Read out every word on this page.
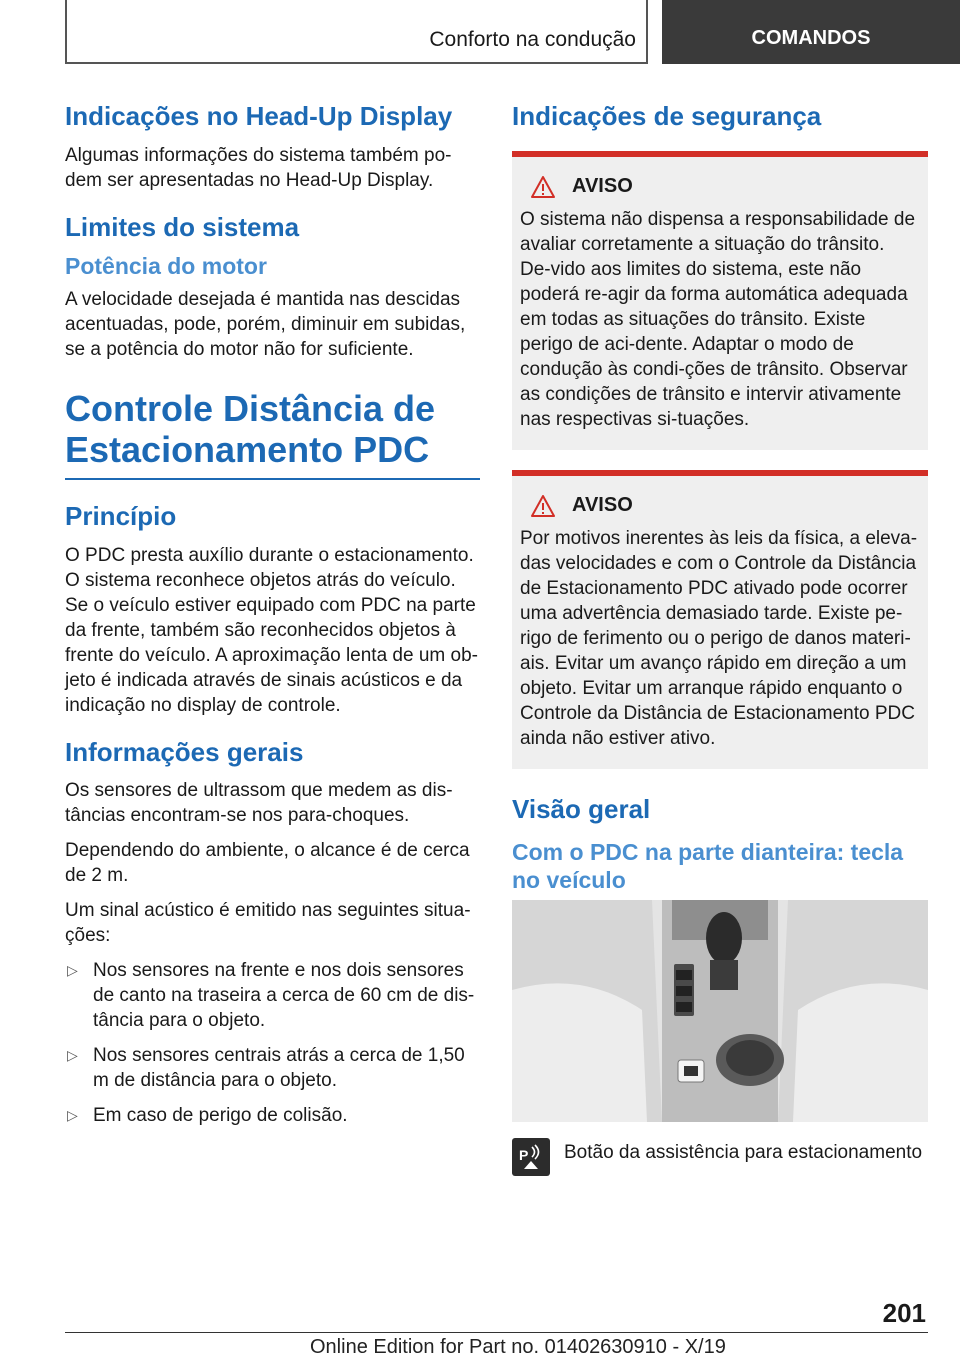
Conforto na condução	COMANDOS
Indicações no Head-Up Display

Algumas informações do sistema também po-dem ser apresentadas no Head-Up Display.

Limites do sistema
Potência do motor

A velocidade desejada é mantida nas descidas acentuadas, pode, porém, diminuir em subidas, se a potência do motor não for suficiente.

Controle Distância de Estacionamento PDC
Princípio

O PDC presta auxílio durante o estacionamento. O sistema reconhece objetos atrás do veículo. Se o veículo estiver equipado com PDC na parte da frente, também são reconhecidos objetos à frente do veículo. A aproximação lenta de um ob-jeto é indicada através de sinais acústicos e da indicação no display de controle.

Informações gerais

Os sensores de ultrassom que medem as dis-tâncias encontram-se nos para-choques.

Dependendo do ambiente, o alcance é de cerca de 2 m.

Um sinal acústico é emitido nas seguintes situa-ções:

▷ Nos sensores na frente e nos dois sensores de canto na traseira a cerca de 60 cm de dis-tância para o objeto.
▷ Nos sensores centrais atrás a cerca de 1,50 m de distância para o objeto.
▷ Em caso de perigo de colisão.
Indicações de segurança
AVISO

O sistema não dispensa a responsabilidade de avaliar corretamente a situação do trânsito. De-vido aos limites do sistema, este não poderá re-agir da forma automática adequada em todas as situações do trânsito. Existe perigo de aci-dente. Adaptar o modo de condução às condi-ções de trânsito. Observar as condições de trânsito e intervir ativamente nas respectivas si-tuações.

AVISO

Por motivos inerentes às leis da física, a eleva-das velocidades e com o Controle da Distância de Estacionamento PDC ativado pode ocorrer uma advertência demasiado tarde. Existe pe-rigo de ferimento ou o perigo de danos materi-ais. Evitar um avanço rápido em direção a um objeto. Evitar um arranque rápido enquanto o Controle da Distância de Estacionamento PDC ainda não estiver ativo.

Visão geral
Com o PDC na parte dianteira: tecla no veículo
P Botão da assistência para estacionamento

201
Online Edition for Part no. 01402630910 - X/19
